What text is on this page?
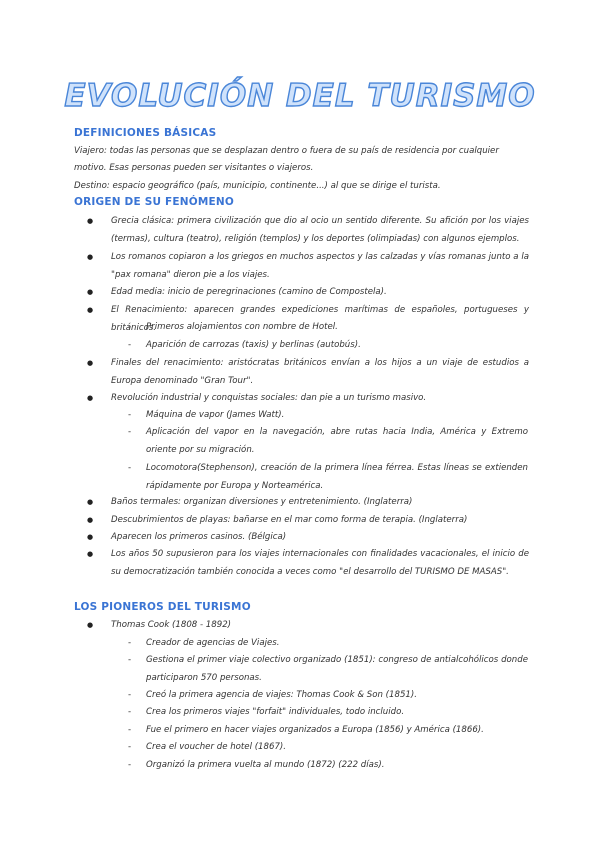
EVOLUCIÓN DEL TURISMO
DEFINICIONES BÁSICAS
Viajero: todas las personas que se desplazan dentro o fuera de su país de residencia por cualquier motivo. Esas personas pueden ser visitantes o viajeros.
Destino: espacio geográfico (país, municipio, continente...) al que se dirige el turista.
ORIGEN DE SU FENÓMENO
● Grecia clásica: primera civilización que dio al ocio un sentido diferente. Su afición por los viajes (termas), cultura (teatro), religión (templos) y los deportes (olimpiadas) con algunos ejemplos.
● Los romanos copiaron a los griegos en muchos aspectos y las calzadas y vías romanas junto a la "pax romana" dieron pie a los viajes.
● Edad media: inicio de peregrinaciones (camino de Compostela).
● El Renacimiento: aparecen grandes expediciones marítimas de españoles, portugueses y británicos.
- Primeros alojamientos con nombre de Hotel.
- Aparición de carrozas (taxis) y berlinas (autobús).
● Finales del renacimiento: aristócratas británicos envían a los hijos a un viaje de estudios a Europa denominado "Gran Tour".
● Revolución industrial y conquistas sociales: dan pie a un turismo masivo.
- Máquina de vapor (James Watt).
- Aplicación del vapor en la navegación, abre rutas hacia India, América y Extremo oriente por su migración.
- Locomotora(Stephenson), creación de la primera línea férrea. Estas líneas se extienden rápidamente por Europa y Norteamérica.
● Baños termales: organizan diversiones y entretenimiento. (Inglaterra)
● Descubrimientos de playas: bañarse en el mar como forma de terapia. (Inglaterra)
● Aparecen los primeros casinos. (Bélgica)
● Los años 50 supusieron para los viajes internacionales con finalidades vacacionales, el inicio de su democratización también conocida a veces como "el desarrollo del TURISMO DE MASAS".
LOS PIONEROS DEL TURISMO
● Thomas Cook (1808 - 1892)
- Creador de agencias de Viajes.
- Gestiona el primer viaje colectivo organizado (1851): congreso de antialcohólicos donde participaron 570 personas.
- Creó la primera agencia de viajes: Thomas Cook & Son (1851).
- Crea los primeros viajes "forfait" individuales, todo incluido.
- Fue el primero en hacer viajes organizados a Europa (1856) y América (1866).
- Crea el voucher de hotel (1867).
- Organizó la primera vuelta al mundo (1872) (222 días).
